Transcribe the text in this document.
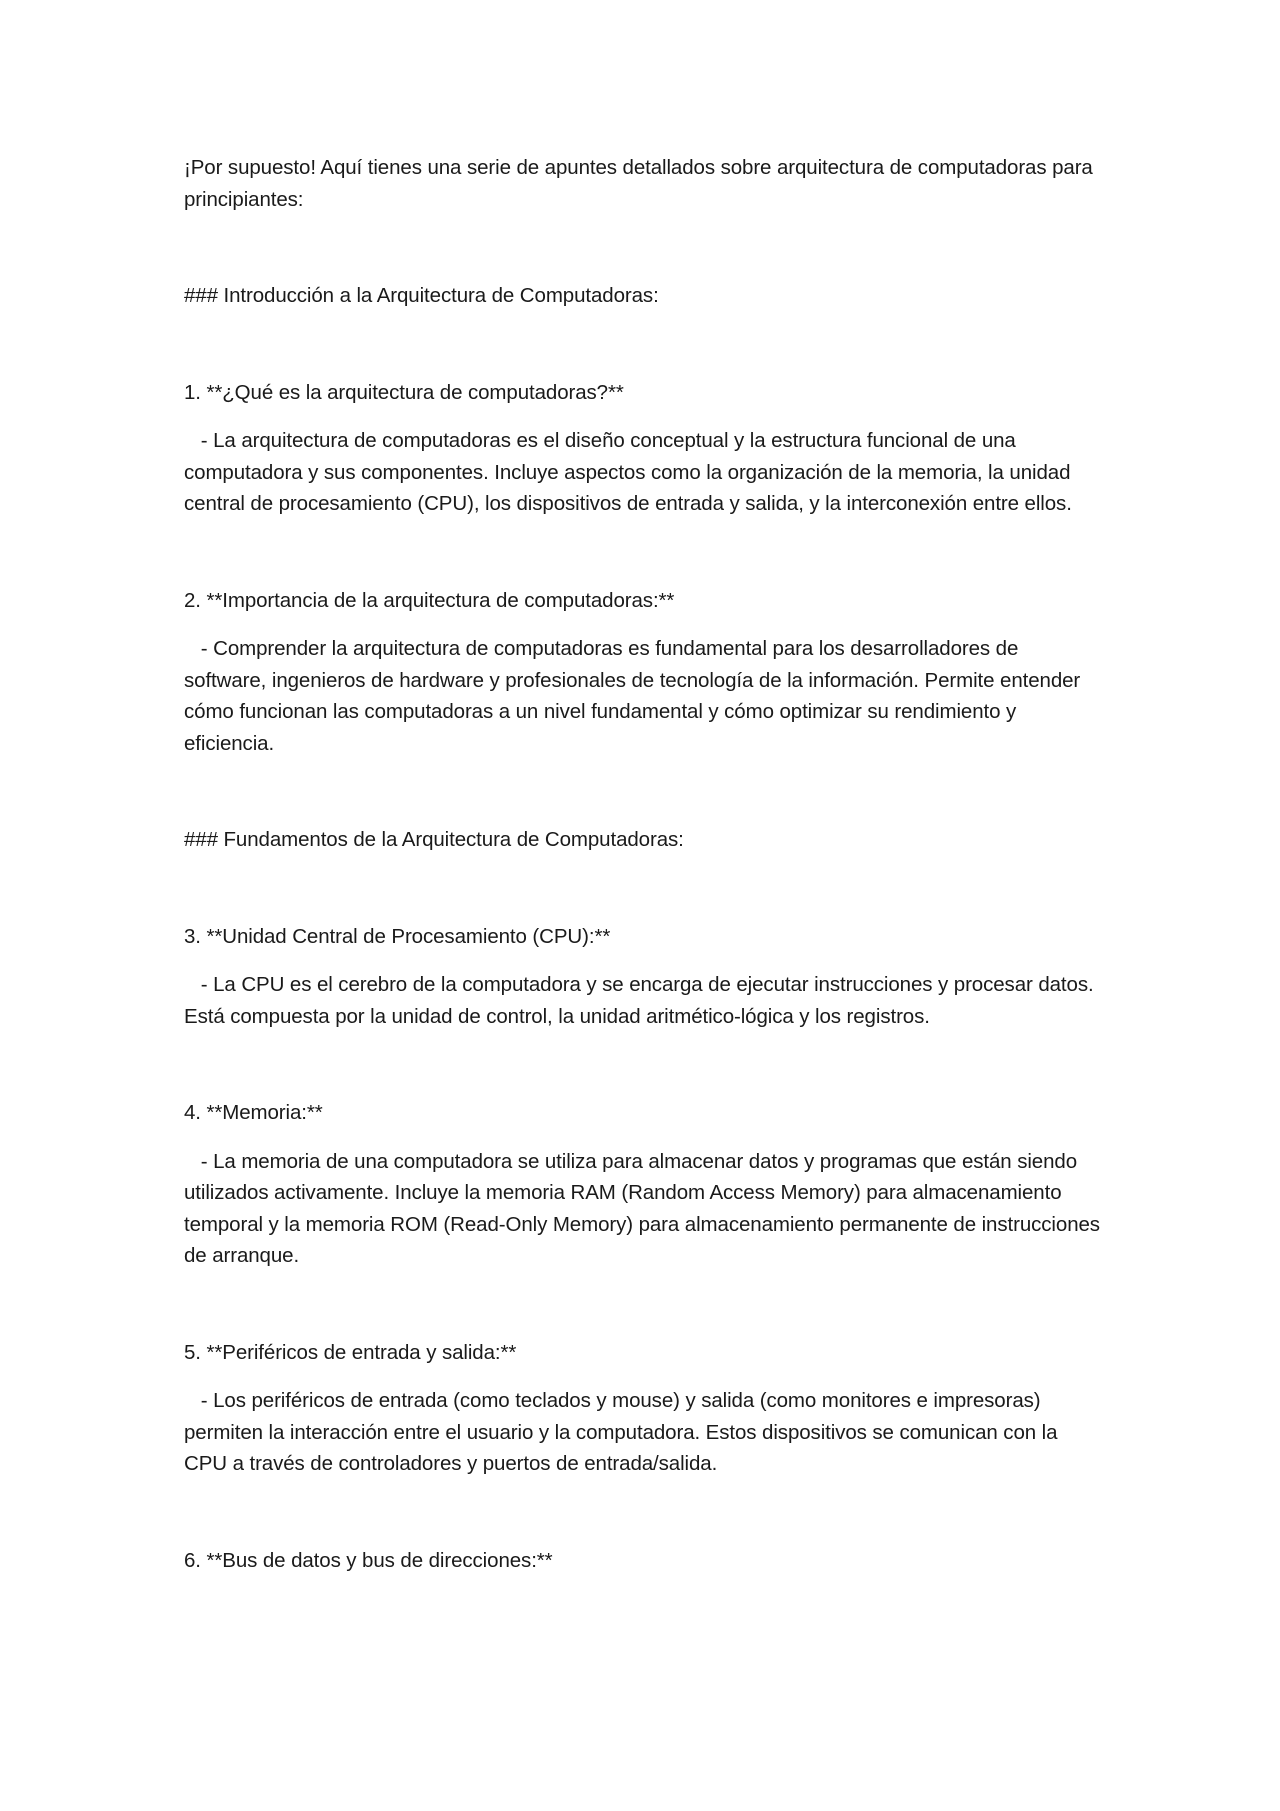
¡Por supuesto! Aquí tienes una serie de apuntes detallados sobre arquitectura de computadoras para principiantes:

### Introducción a la Arquitectura de Computadoras:

1. **¿Qué es la arquitectura de computadoras?**

- La arquitectura de computadoras es el diseño conceptual y la estructura funcional de una computadora y sus componentes. Incluye aspectos como la organización de la memoria, la unidad central de procesamiento (CPU), los dispositivos de entrada y salida, y la interconexión entre ellos.

2. **Importancia de la arquitectura de computadoras:**

- Comprender la arquitectura de computadoras es fundamental para los desarrolladores de software, ingenieros de hardware y profesionales de tecnología de la información. Permite entender cómo funcionan las computadoras a un nivel fundamental y cómo optimizar su rendimiento y eficiencia.

### Fundamentos de la Arquitectura de Computadoras:

3. **Unidad Central de Procesamiento (CPU):**

- La CPU es el cerebro de la computadora y se encarga de ejecutar instrucciones y procesar datos. Está compuesta por la unidad de control, la unidad aritmético-lógica y los registros.

4. **Memoria:**

- La memoria de una computadora se utiliza para almacenar datos y programas que están siendo utilizados activamente. Incluye la memoria RAM (Random Access Memory) para almacenamiento temporal y la memoria ROM (Read-Only Memory) para almacenamiento permanente de instrucciones de arranque.

5. **Periféricos de entrada y salida:**

- Los periféricos de entrada (como teclados y mouse) y salida (como monitores e impresoras) permiten la interacción entre el usuario y la computadora. Estos dispositivos se comunican con la CPU a través de controladores y puertos de entrada/salida.

6. **Bus de datos y bus de direcciones:**
